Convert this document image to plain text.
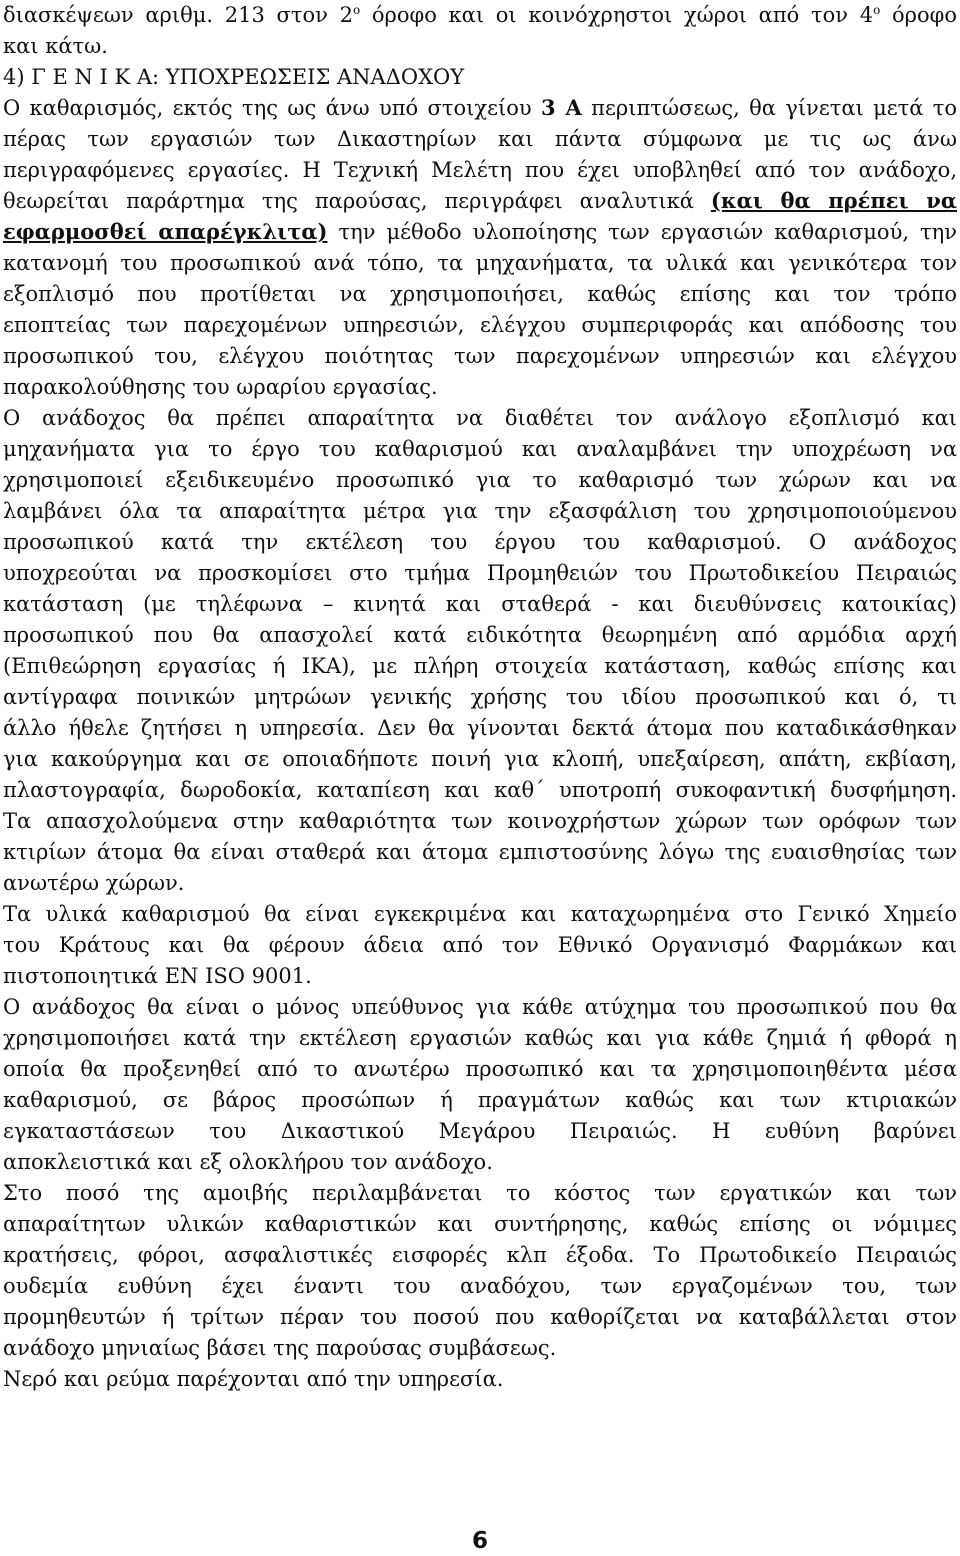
διασκέψεων αριθμ. 213 στον $2^o$ όροφο και οι κοινόχρηστοι χώροι από τον $4^o$ όροφο
και κάτω.
4) Γ Ε Ν Ι Κ Α: ΥΠΟΧΡΕΩΣΕΙΣ ΑΝΑΔΟΧΟΥ
Ο καθαρισμός, εκτός της ως άνω υπό στοιχείου 3 Α περιπτώσεως, θα γίνεται μετά το
πέρας των εργασιών των Δικαστηρίων και πάντα σύμφωνα με τις ως άνω
περιγραφόμενες εργασίες. Η Τεχνική Μελέτη που έχει υποβληθεί από τον ανάδοχο,
θεωρείται παράρτημα της παρούσας, περιγράφει αναλυτικά (και θα πρέπει να
εφαρμοσθεί απαρέγκλιτα) την μέθοδο υλοποίησης των εργασιών καθαρισμού, την
κατανομή του προσωπικού ανά τόπο, τα μηχανήματα, τα υλικά και γενικότερα τον
εξοπλισμό που προτίθεται να χρησιμοποιήσει, καθώς επίσης και τον τρόπο
εποπτείας των παρεχομένων υπηρεσιών, ελέγχου συμπεριφοράς και απόδοσης του
προσωπικού του, ελέγχου ποιότητας των παρεχομένων υπηρεσιών και ελέγχου
παρακολούθησης του ωραρίου εργασίας.
Ο ανάδοχος θα πρέπει απαραίτητα να διαθέτει τον ανάλογο εξοπλισμό και
μηχανήματα για το έργο του καθαρισμού και αναλαμβάνει την υποχρέωση να
χρησιμοποιεί εξειδικευμένο προσωπικό για το καθαρισμό των χώρων και να
λαμβάνει όλα τα απαραίτητα μέτρα για την εξασφάλιση του χρησιμοποιούμενου
προσωπικού κατά την εκτέλεση του έργου του καθαρισμού. Ο ανάδοχος
υποχρεούται να προσκομίσει στο τμήμα Προμηθειών του Πρωτοδικείου Πειραιώς
κατάσταση (με τηλέφωνα – κινητά και σταθερά - και διευθύνσεις κατοικίας)
προσωπικού που θα απασχολεί κατά ειδικότητα θεωρημένη από αρμόδια αρχή
(Επιθεώρηση εργασίας ή ΙΚΑ), με πλήρη στοιχεία κατάσταση, καθώς επίσης και
αντίγραφα ποινικών μητρώων γενικής χρήσης του ιδίου προσωπικού και ό, τι
άλλο ήθελε ζητήσει η υπηρεσία. Δεν θα γίνονται δεκτά άτομα που καταδικάσθηκαν
για κακούργημα και σε οποιαδήποτε ποινή για κλοπή, υπεξαίρεση, απάτη, εκβίαση,
πλαστογραφία, δωροδοκία, καταπίεση και καθ΄ υποτροπή συκοφαντική δυσφήμηση.
Τα απασχολούμενα στην καθαριότητα των κοινοχρήστων χώρων των ορόφων των
κτιρίων άτομα θα είναι σταθερά και άτομα εμπιστοσύνης λόγω της ευαισθησίας των
ανωτέρω χώρων.
Τα υλικά καθαρισμού θα είναι εγκεκριμένα και καταχωρημένα στο Γενικό Χημείο
του Κράτους και θα φέρουν άδεια από τον Εθνικό Οργανισμό Φαρμάκων και
πιστοποιητικά EN ISO 9001.
Ο ανάδοχος θα είναι ο μόνος υπεύθυνος για κάθε ατύχημα του προσωπικού που θα
χρησιμοποιήσει κατά την εκτέλεση εργασιών καθώς και για κάθε ζημιά ή φθορά η
οποία θα προξενηθεί από το ανωτέρω προσωπικό και τα χρησιμοποιηθέντα μέσα
καθαρισμού, σε βάρος προσώπων ή πραγμάτων καθώς και των κτιριακών
εγκαταστάσεων του Δικαστικού Μεγάρου Πειραιώς. Η ευθύνη βαρύνει
αποκλειστικά και εξ ολοκλήρου τον ανάδοχο.
Στο ποσό της αμοιβής περιλαμβάνεται το κόστος των εργατικών και των
απαραίτητων υλικών καθαριστικών και συντήρησης, καθώς επίσης οι νόμιμες
κρατήσεις, φόροι, ασφαλιστικές εισφορές κλπ έξοδα. Το Πρωτοδικείο Πειραιώς
ουδεμία ευθύνη έχει έναντι του αναδόχου, των εργαζομένων του, των
προμηθευτών ή τρίτων πέραν του ποσού που καθορίζεται να καταβάλλεται στον
ανάδοχο μηνιαίως βάσει της παρούσας συμβάσεως.
Νερό και ρεύμα παρέχονται από την υπηρεσία.
6
